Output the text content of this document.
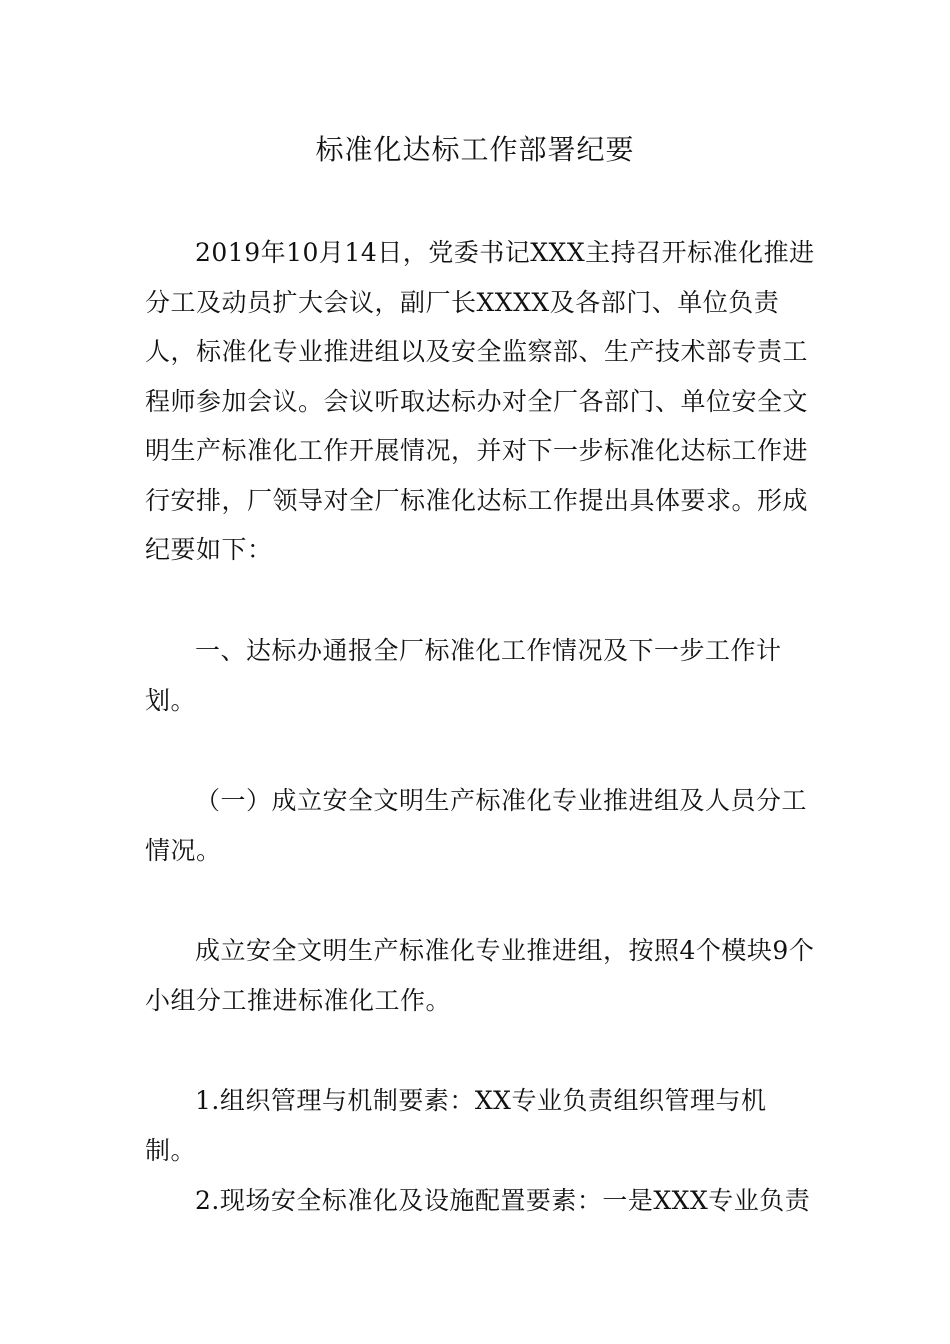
标准化达标工作部署纪要

2019年10月14日，党委书记XXX主持召开标准化推进分工及动员扩大会议，副厂长XXXX及各部门、单位负责人，标准化专业推进组以及安全监察部、生产技术部专责工程师参加会议。会议听取达标办对全厂各部门、单位安全文明生产标准化工作开展情况，并对下一步标准化达标工作进行安排，厂领导对全厂标准化达标工作提出具体要求。形成纪要如下：

一、达标办通报全厂标准化工作情况及下一步工作计划。

（一）成立安全文明生产标准化专业推进组及人员分工情况。

成立安全文明生产标准化专业推进组，按照4个模块9个小组分工推进标准化工作。

1.组织管理与机制要素：XX专业负责组织管理与机制。

2.现场安全标准化及设施配置要素：一是XXX专业负责
